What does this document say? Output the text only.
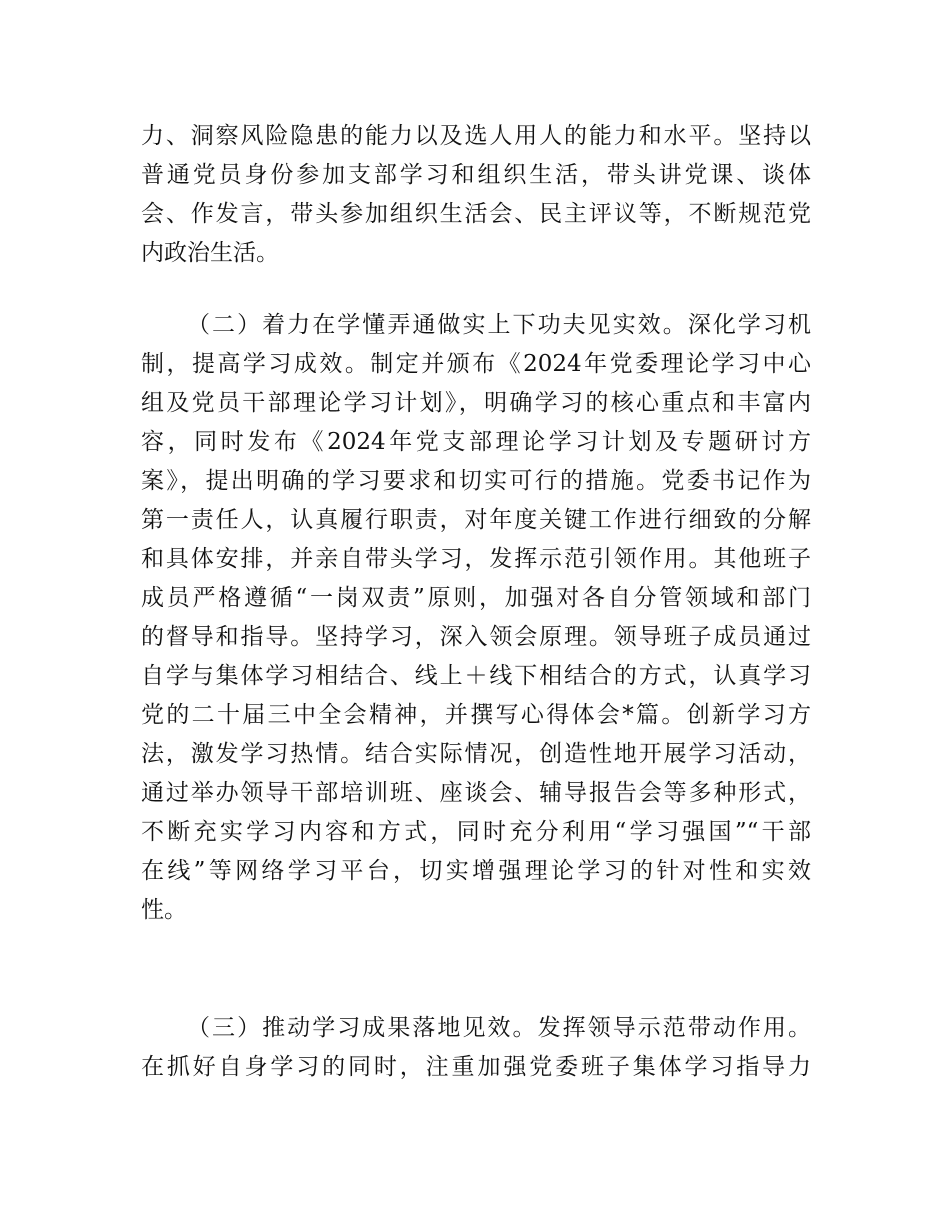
力、洞察风险隐患的能力以及选人用人的能力和水平。坚持以
普通党员身份参加支部学习和组织生活，带头讲党课、谈体
会、作发言，带头参加组织生活会、民主评议等，不断规范党
内政治生活。
（二）着力在学懂弄通做实上下功夫见实效。深化学习机
制，提高学习成效。制定并颁布《2024年党委理论学习中心
组及党员干部理论学习计划》，明确学习的核心重点和丰富内
容，同时发布《2024年党支部理论学习计划及专题研讨方
案》，提出明确的学习要求和切实可行的措施。党委书记作为
第一责任人，认真履行职责，对年度关键工作进行细致的分解
和具体安排，并亲自带头学习，发挥示范引领作用。其他班子
成员严格遵循“一岗双责”原则，加强对各自分管领域和部门
的督导和指导。坚持学习，深入领会原理。领导班子成员通过
自学与集体学习相结合、线上＋线下相结合的方式，认真学习
党的二十届三中全会精神，并撰写心得体会*篇。创新学习方
法，激发学习热情。结合实际情况，创造性地开展学习活动，
通过举办领导干部培训班、座谈会、辅导报告会等多种形式，
不断充实学习内容和方式，同时充分利用“学习强国”“干部
在线”等网络学习平台，切实增强理论学习的针对性和实效
性。
（三）推动学习成果落地见效。发挥领导示范带动作用。
在抓好自身学习的同时，注重加强党委班子集体学习指导力
